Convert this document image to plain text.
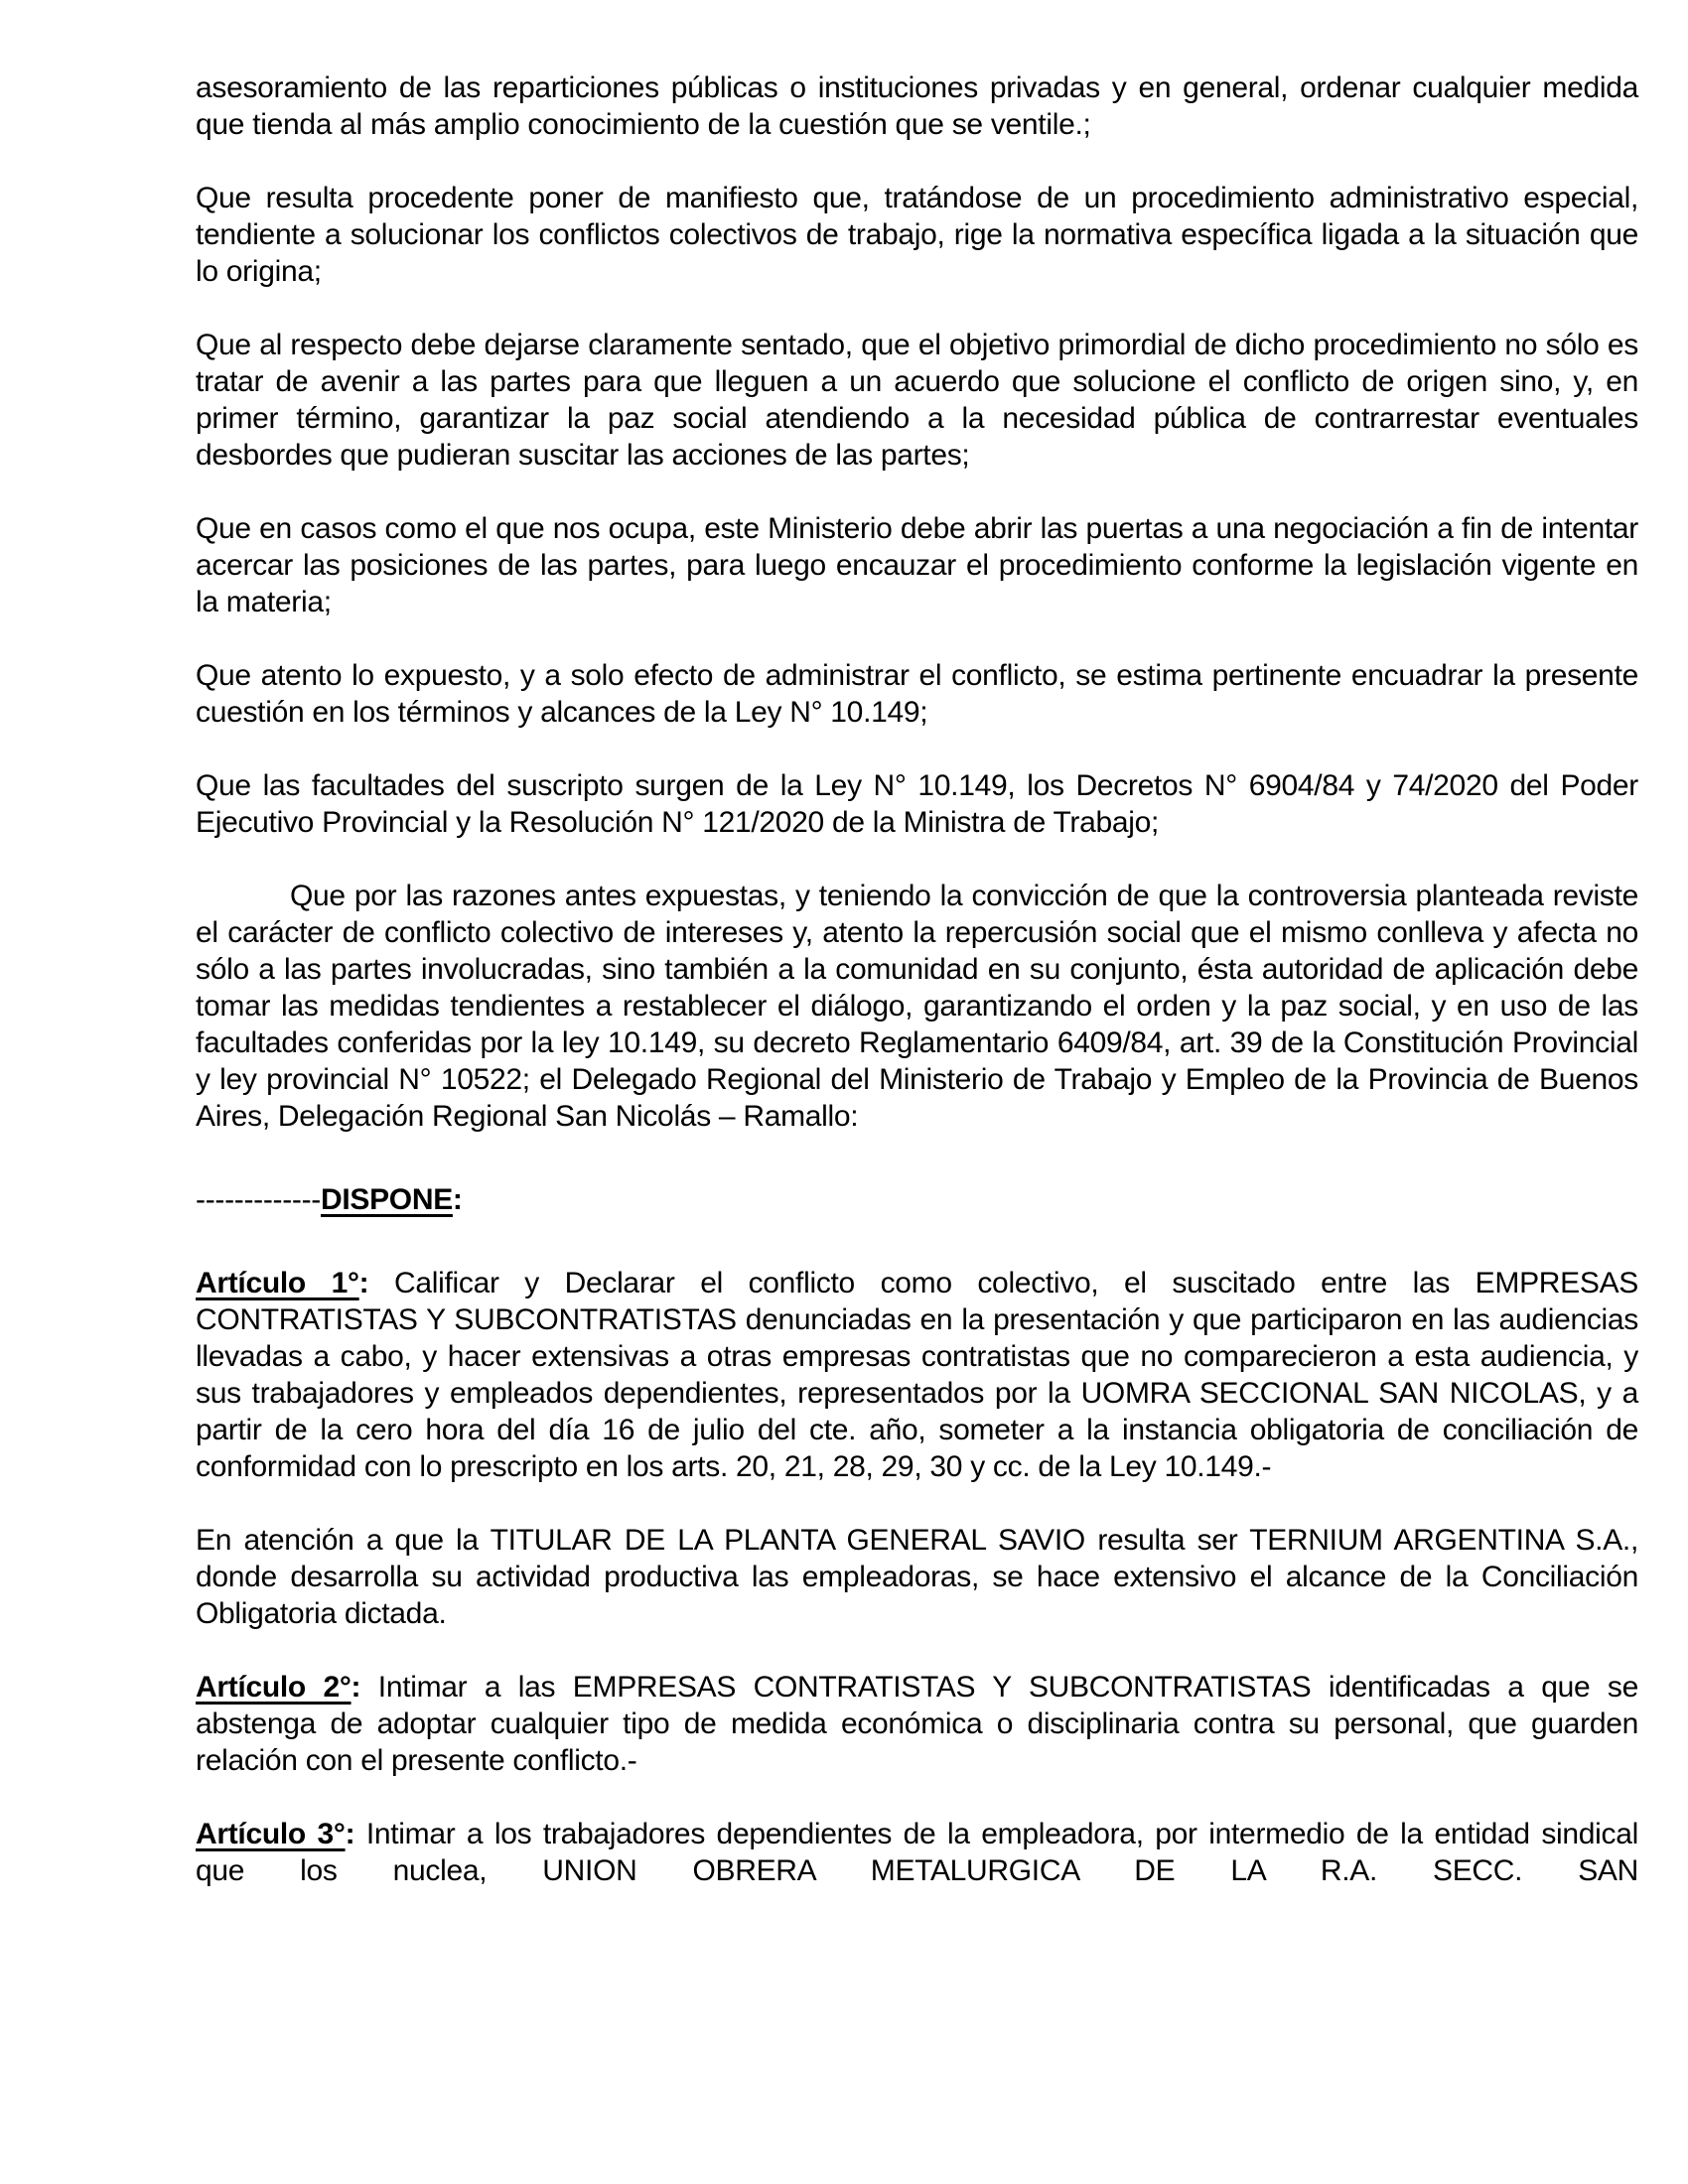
asesoramiento de las reparticiones públicas o instituciones privadas y en general, ordenar cualquier medida que tienda al más amplio conocimiento de la cuestión que se ventile.;

Que resulta procedente poner de manifiesto que, tratándose de un procedimiento administrativo especial, tendiente a solucionar los conflictos colectivos de trabajo, rige la normativa específica ligada a la situación que lo origina;

Que al respecto debe dejarse claramente sentado, que el objetivo primordial de dicho procedimiento no sólo es tratar de avenir a las partes para que lleguen a un acuerdo que solucione el conflicto de origen sino, y, en primer término, garantizar la paz social atendiendo a la necesidad pública de contrarrestar eventuales desbordes que pudieran suscitar las acciones de las partes;

Que en casos como el que nos ocupa, este Ministerio debe abrir las puertas a una negociación a fin de intentar acercar las posiciones de las partes, para luego encauzar el procedimiento conforme la legislación vigente en la materia;

Que atento lo expuesto, y a solo efecto de administrar el conflicto, se estima pertinente encuadrar la presente cuestión en los términos y alcances de la Ley N° 10.149;

Que las facultades del suscripto surgen de la Ley N° 10.149, los Decretos N° 6904/84 y 74/2020 del Poder Ejecutivo Provincial y la Resolución N° 121/2020 de la Ministra de Trabajo;

Que por las razones antes expuestas, y teniendo la convicción de que la controversia planteada reviste el carácter de conflicto colectivo de intereses y, atento la repercusión social que el mismo conlleva y afecta no sólo a las partes involucradas, sino también a la comunidad en su conjunto, ésta autoridad de aplicación debe tomar las medidas tendientes a restablecer el diálogo, garantizando el orden y la paz social, y en uso de las facultades conferidas por la ley 10.149, su decreto Reglamentario 6409/84, art. 39 de la Constitución Provincial y ley provincial N° 10522; el Delegado Regional del Ministerio de Trabajo y Empleo de la Provincia de Buenos Aires, Delegación Regional San Nicolás – Ramallo:

-------------DISPONE:

Artículo 1°: Calificar y Declarar el conflicto como colectivo, el suscitado entre las EMPRESAS CONTRATISTAS Y SUBCONTRATISTAS denunciadas en la presentación y que participaron en las audiencias llevadas a cabo, y hacer extensivas a otras empresas contratistas que no comparecieron a esta audiencia, y sus trabajadores y empleados dependientes, representados por la UOMRA SECCIONAL SAN NICOLAS, y a partir de la cero hora del día 16 de julio del cte. año, someter a la instancia obligatoria de conciliación de conformidad con lo prescripto en los arts. 20, 21, 28, 29, 30 y cc. de la Ley 10.149.-

En atención a que la TITULAR DE LA PLANTA GENERAL SAVIO resulta ser TERNIUM ARGENTINA S.A., donde desarrolla su actividad productiva las empleadoras, se hace extensivo el alcance de la Conciliación Obligatoria dictada.

Artículo 2°: Intimar a las EMPRESAS CONTRATISTAS Y SUBCONTRATISTAS identificadas a que se abstenga de adoptar cualquier tipo de medida económica o disciplinaria contra su personal, que guarden relación con el presente conflicto.-

Artículo 3°: Intimar a los trabajadores dependientes de la empleadora, por intermedio de la entidad sindical que los nuclea, UNION OBRERA METALURGICA DE LA R.A. SECC. SAN
